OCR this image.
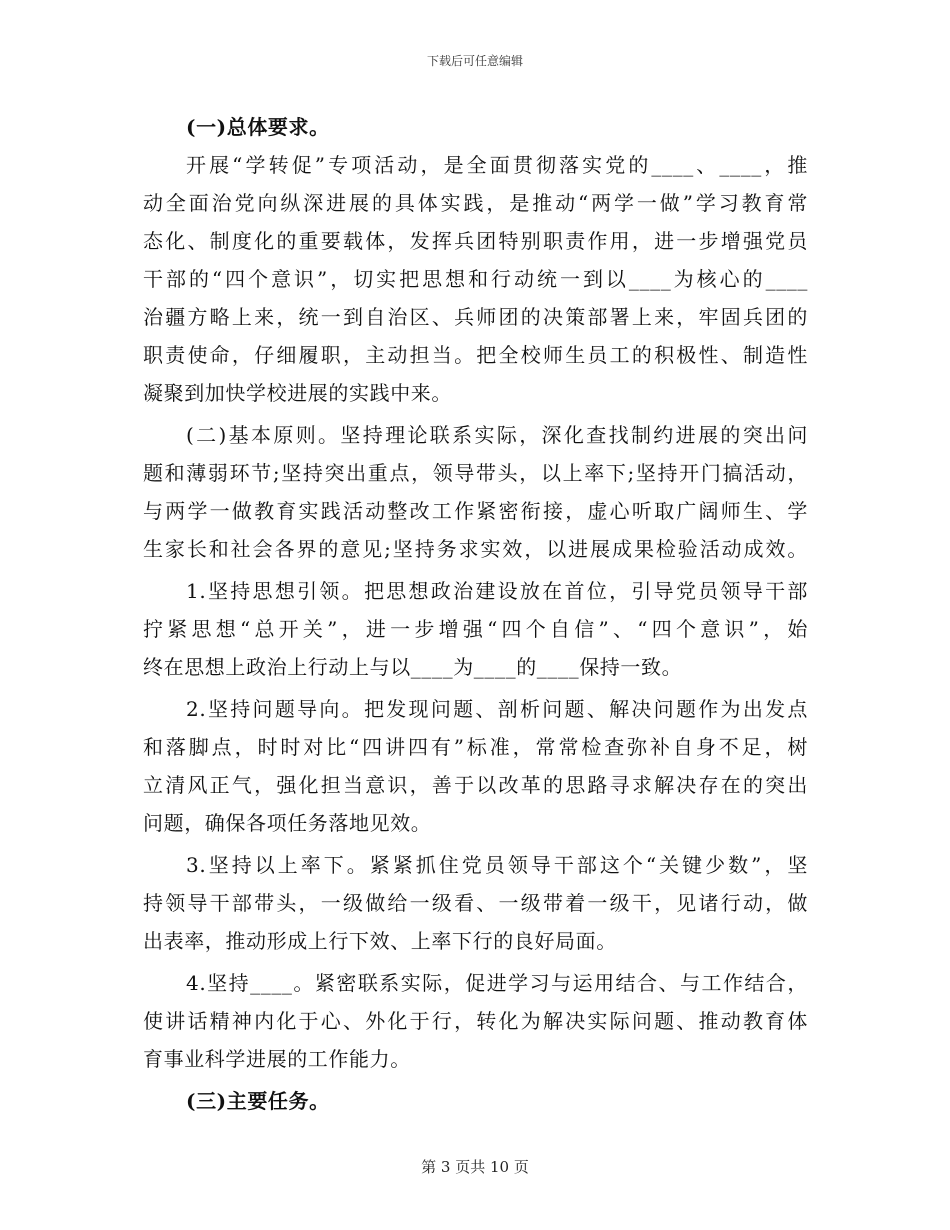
下载后可任意编辑
(一)总体要求。
开展“学转促”专项活动，是全面贯彻落实党的____、____，推
动全面治党向纵深进展的具体实践，是推动“两学一做”学习教育常
态化、制度化的重要载体，发挥兵团特别职责作用，进一步增强党员
干部的“四个意识”，切实把思想和行动统一到以____为核心的____
治疆方略上来，统一到自治区、兵师团的决策部署上来，牢固兵团的
职责使命，仔细履职，主动担当。把全校师生员工的积极性、制造性
凝聚到加快学校进展的实践中来。
(二)基本原则。坚持理论联系实际，深化查找制约进展的突出问
题和薄弱环节;坚持突出重点，领导带头，以上率下;坚持开门搞活动，
与两学一做教育实践活动整改工作紧密衔接，虚心听取广阔师生、学
生家长和社会各界的意见;坚持务求实效，以进展成果检验活动成效。
1.坚持思想引领。把思想政治建设放在首位，引导党员领导干部
拧紧思想“总开关”，进一步增强“四个自信”、“四个意识”，始
终在思想上政治上行动上与以____为____的____保持一致。
2.坚持问题导向。把发现问题、剖析问题、解决问题作为出发点
和落脚点，时时对比“四讲四有”标准，常常检查弥补自身不足，树
立清风正气，强化担当意识，善于以改革的思路寻求解决存在的突出
问题，确保各项任务落地见效。
3.坚持以上率下。紧紧抓住党员领导干部这个“关键少数”，坚
持领导干部带头，一级做给一级看、一级带着一级干，见诸行动，做
出表率，推动形成上行下效、上率下行的良好局面。
4.坚持____。紧密联系实际，促进学习与运用结合、与工作结合，
使讲话精神内化于心、外化于行，转化为解决实际问题、推动教育体
育事业科学进展的工作能力。
(三)主要任务。
第 3 页共 10 页
